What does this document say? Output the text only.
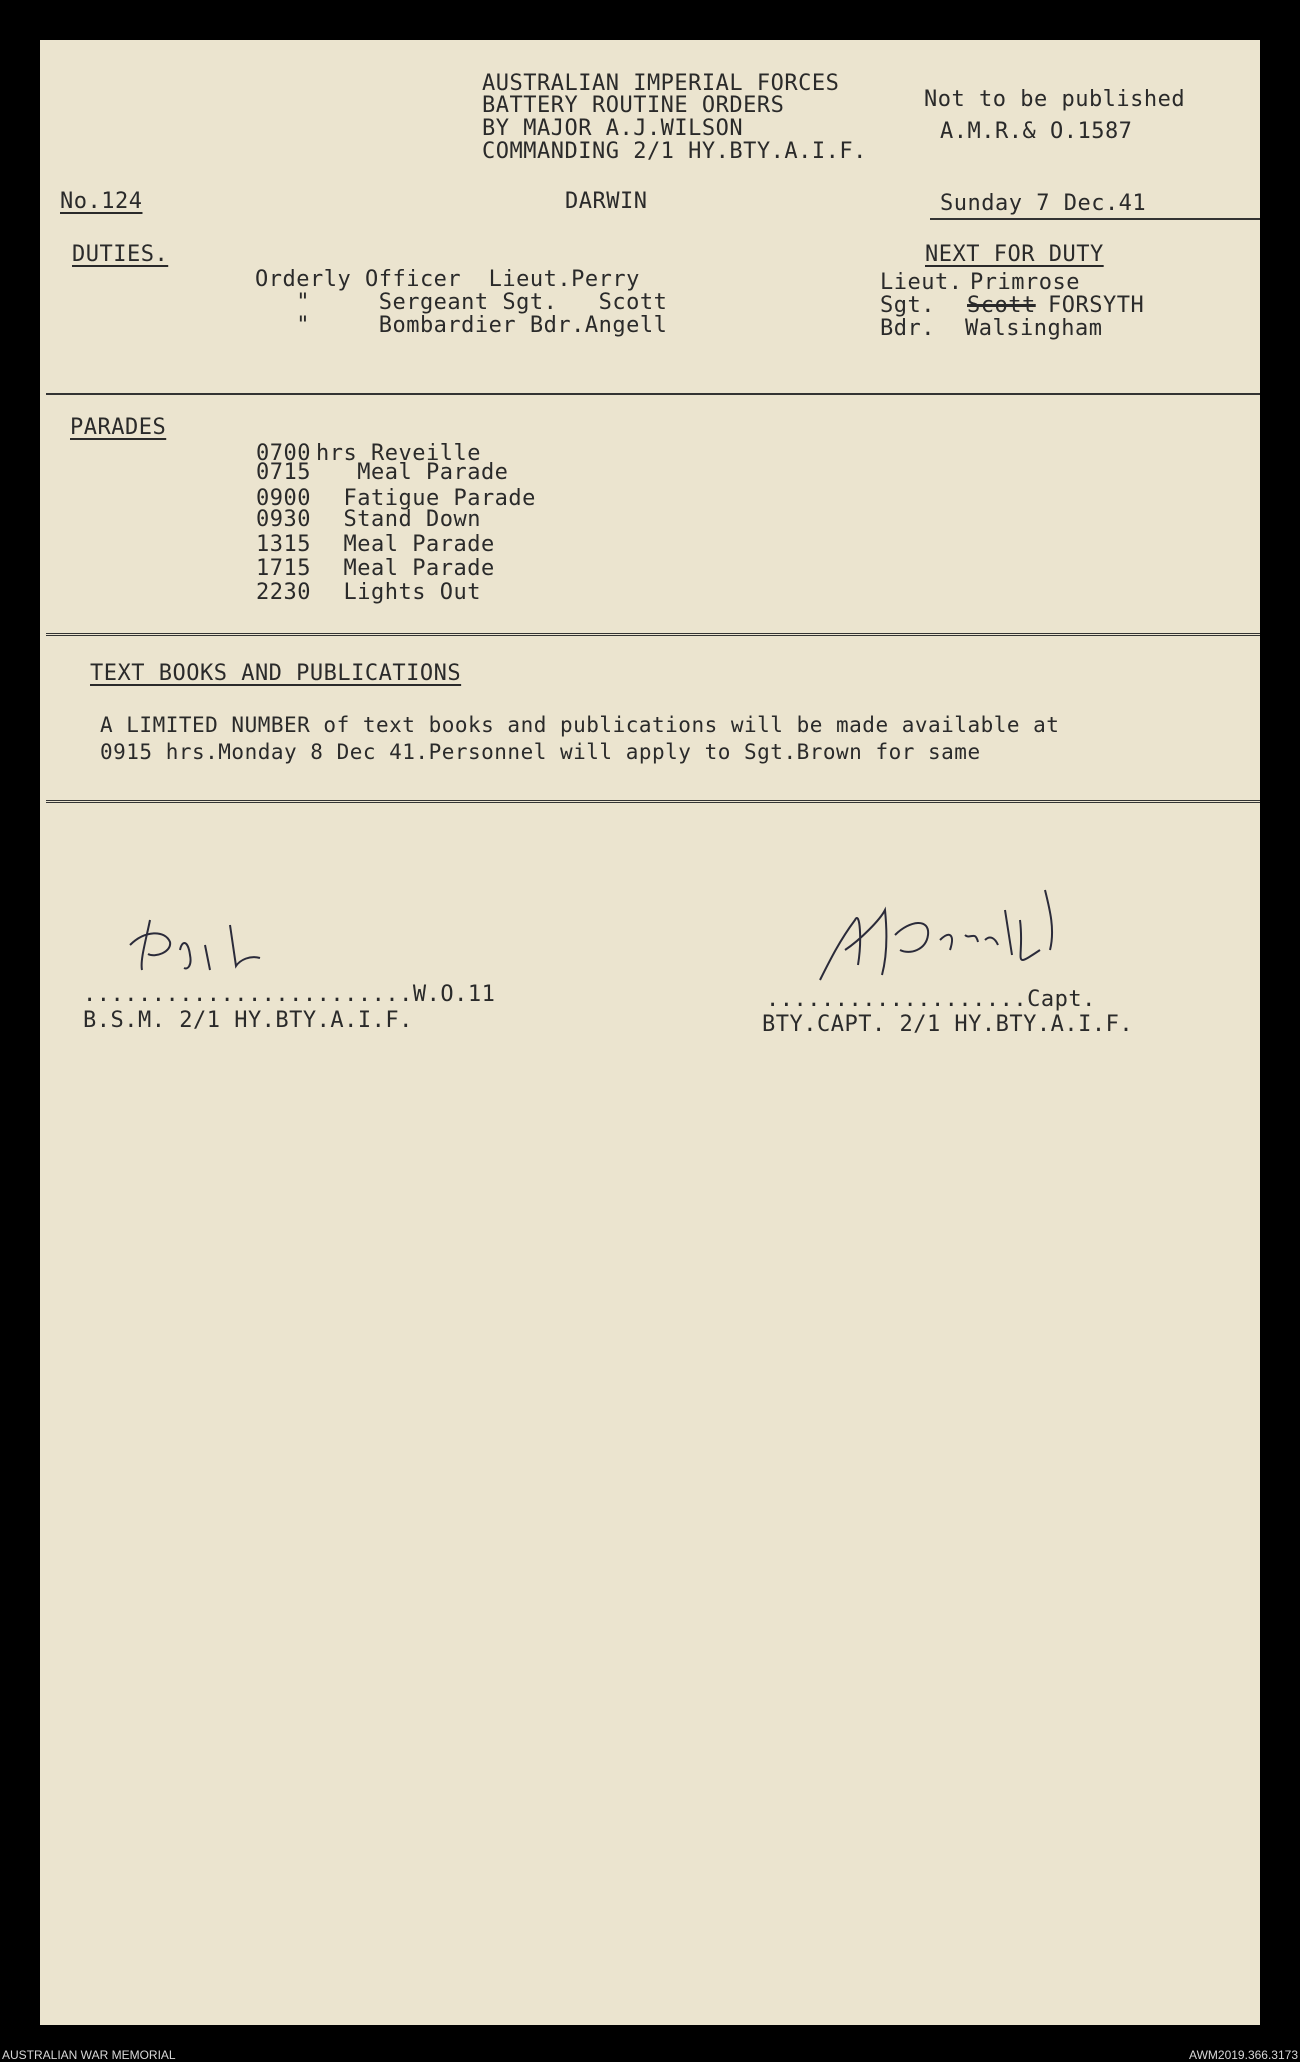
AUSTRALIAN IMPERIAL FORCES
BATTERY ROUTINE ORDERS
BY MAJOR A.J.WILSON
COMMANDING 2/1 HY.BTY.A.I.F.
Not to be published
A.M.R.& O.1587
No.124	DARWIN	Sunday 7 Dec.41
DUTIES.	NEXT FOR DUTY
Orderly Officer  Lieut.Perry
"     Sergeant Sgt.   Scott
"     Bombardier Bdr.Angell
Lieut. Primrose
Sgt. Scott FORSYTH
Bdr. Walsingham
PARADES
0700 hrs Reveille
0715 Meal Parade
0900 Fatigue Parade
0930 Stand Down
1315 Meal Parade
1715 Meal Parade
2230 Lights Out
TEXT BOOKS AND PUBLICATIONS
A LIMITED NUMBER of text books and publications will be made available at
0915 hrs.Monday 8 Dec 41.Personnel will apply to Sgt.Brown for same
........................W.O.11
B.S.M. 2/1 HY.BTY.A.I.F.
...................Capt.
BTY.CAPT. 2/1 HY.BTY.A.I.F.
AUSTRALIAN WAR MEMORIAL	AWM2019.366.3173
